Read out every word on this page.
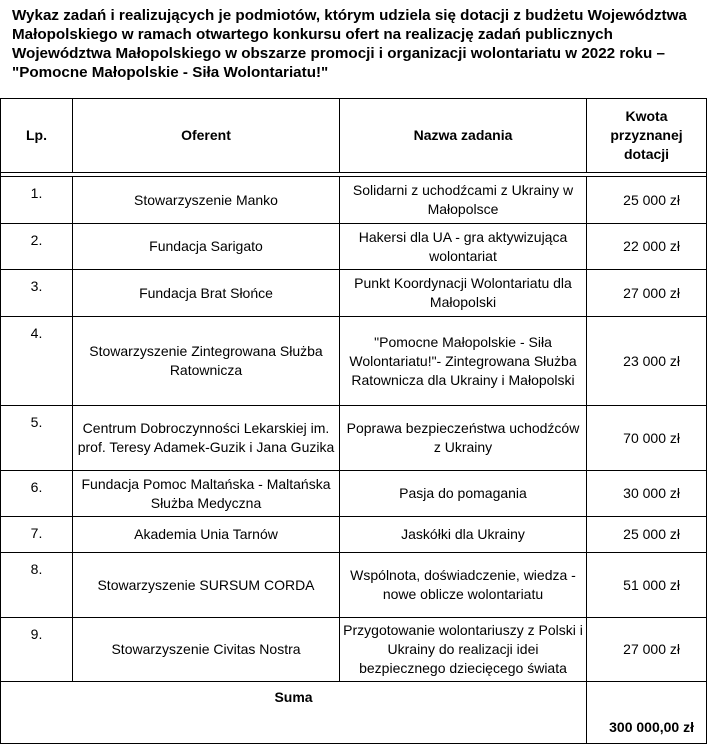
Wykaz zadań i realizujących je podmiotów, którym udziela się dotacji z budżetu Województwa Małopolskiego w ramach otwartego konkursu ofert na realizację zadań publicznych Województwa Małopolskiego w obszarze promocji i organizacji wolontariatu w 2022 roku – "Pomocne Małopolskie - Siła Wolontariatu!"

Lp.	Oferent	Nazwa zadania	Kwota przyznanej dotacji

1.	Stowarzyszenie Manko	Solidarni z uchodźcami z Ukrainy w Małopolsce	25 000 zł
2.	Fundacja Sarigato	Hakersi dla UA - gra aktywizująca wolontariat	22 000 zł
3.	Fundacja Brat Słońce	Punkt Koordynacji Wolontariatu dla Małopolski	27 000 zł
4.	Stowarzyszenie Zintegrowana Służba Ratownicza	"Pomocne Małopolskie - Siła Wolontariatu!"- Zintegrowana Służba Ratownicza dla Ukrainy i Małopolski	23 000 zł
5.	Centrum Dobroczynności Lekarskiej im. prof. Teresy Adamek-Guzik i Jana Guzika	Poprawa bezpieczeństwa uchodźców z Ukrainy	70 000 zł
6.	Fundacja Pomoc Maltańska - Maltańska Służba Medyczna	Pasja do pomagania	30 000 zł
7.	Akademia Unia Tarnów	Jaskółki dla Ukrainy	25 000 zł
8.	Stowarzyszenie SURSUM CORDA	Wspólnota, doświadczenie, wiedza - nowe oblicze wolontariatu	51 000 zł
9.	Stowarzyszenie Civitas Nostra	Przygotowanie wolontariuszy z Polski i Ukrainy do realizacji idei bezpiecznego dziecięcego świata	27 000 zł
Suma			300 000,00 zł
